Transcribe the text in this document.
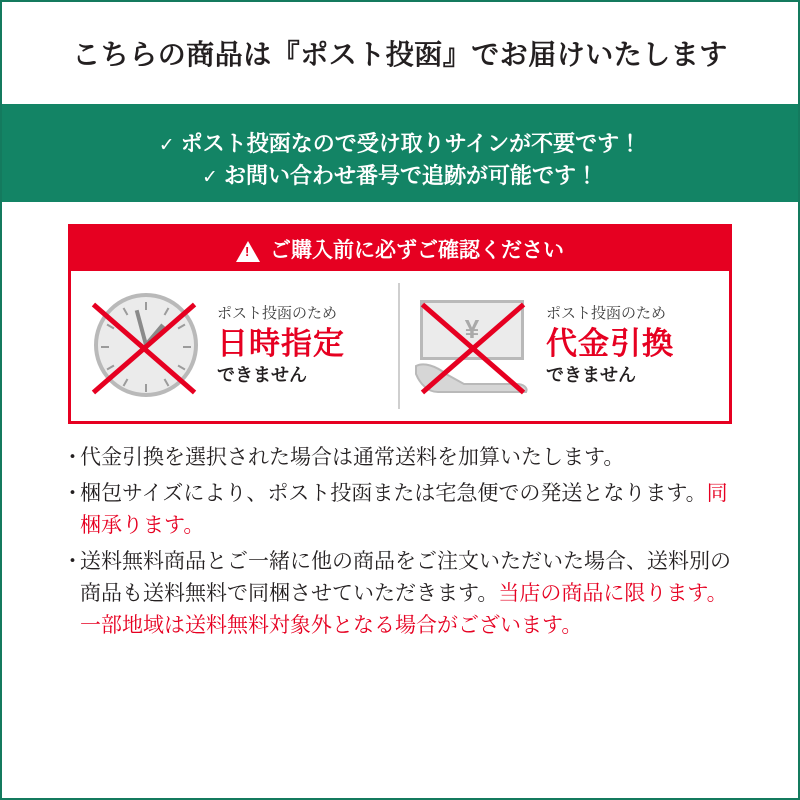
こちらの商品は『ポスト投函』でお届けいたします
✓ ポスト投函なので受け取りサインが不要です！
✓ お問い合わせ番号で追跡が可能です！
!
ご購入前に必ずご確認ください
ポスト投函のため
日時指定
できません
¥
ポスト投函のため
代金引換
できません
・
代金引換を選択された場合は通常送料を加算いたします。
・
梱包サイズにより、ポスト投函または宅急便での発送となります。同梱承ります。
・
送料無料商品とご一緒に他の商品をご注文いただいた場合、送料別の商品も送料無料で同梱させていただきます。当店の商品に限ります。一部地域は送料無料対象外となる場合がございます。
